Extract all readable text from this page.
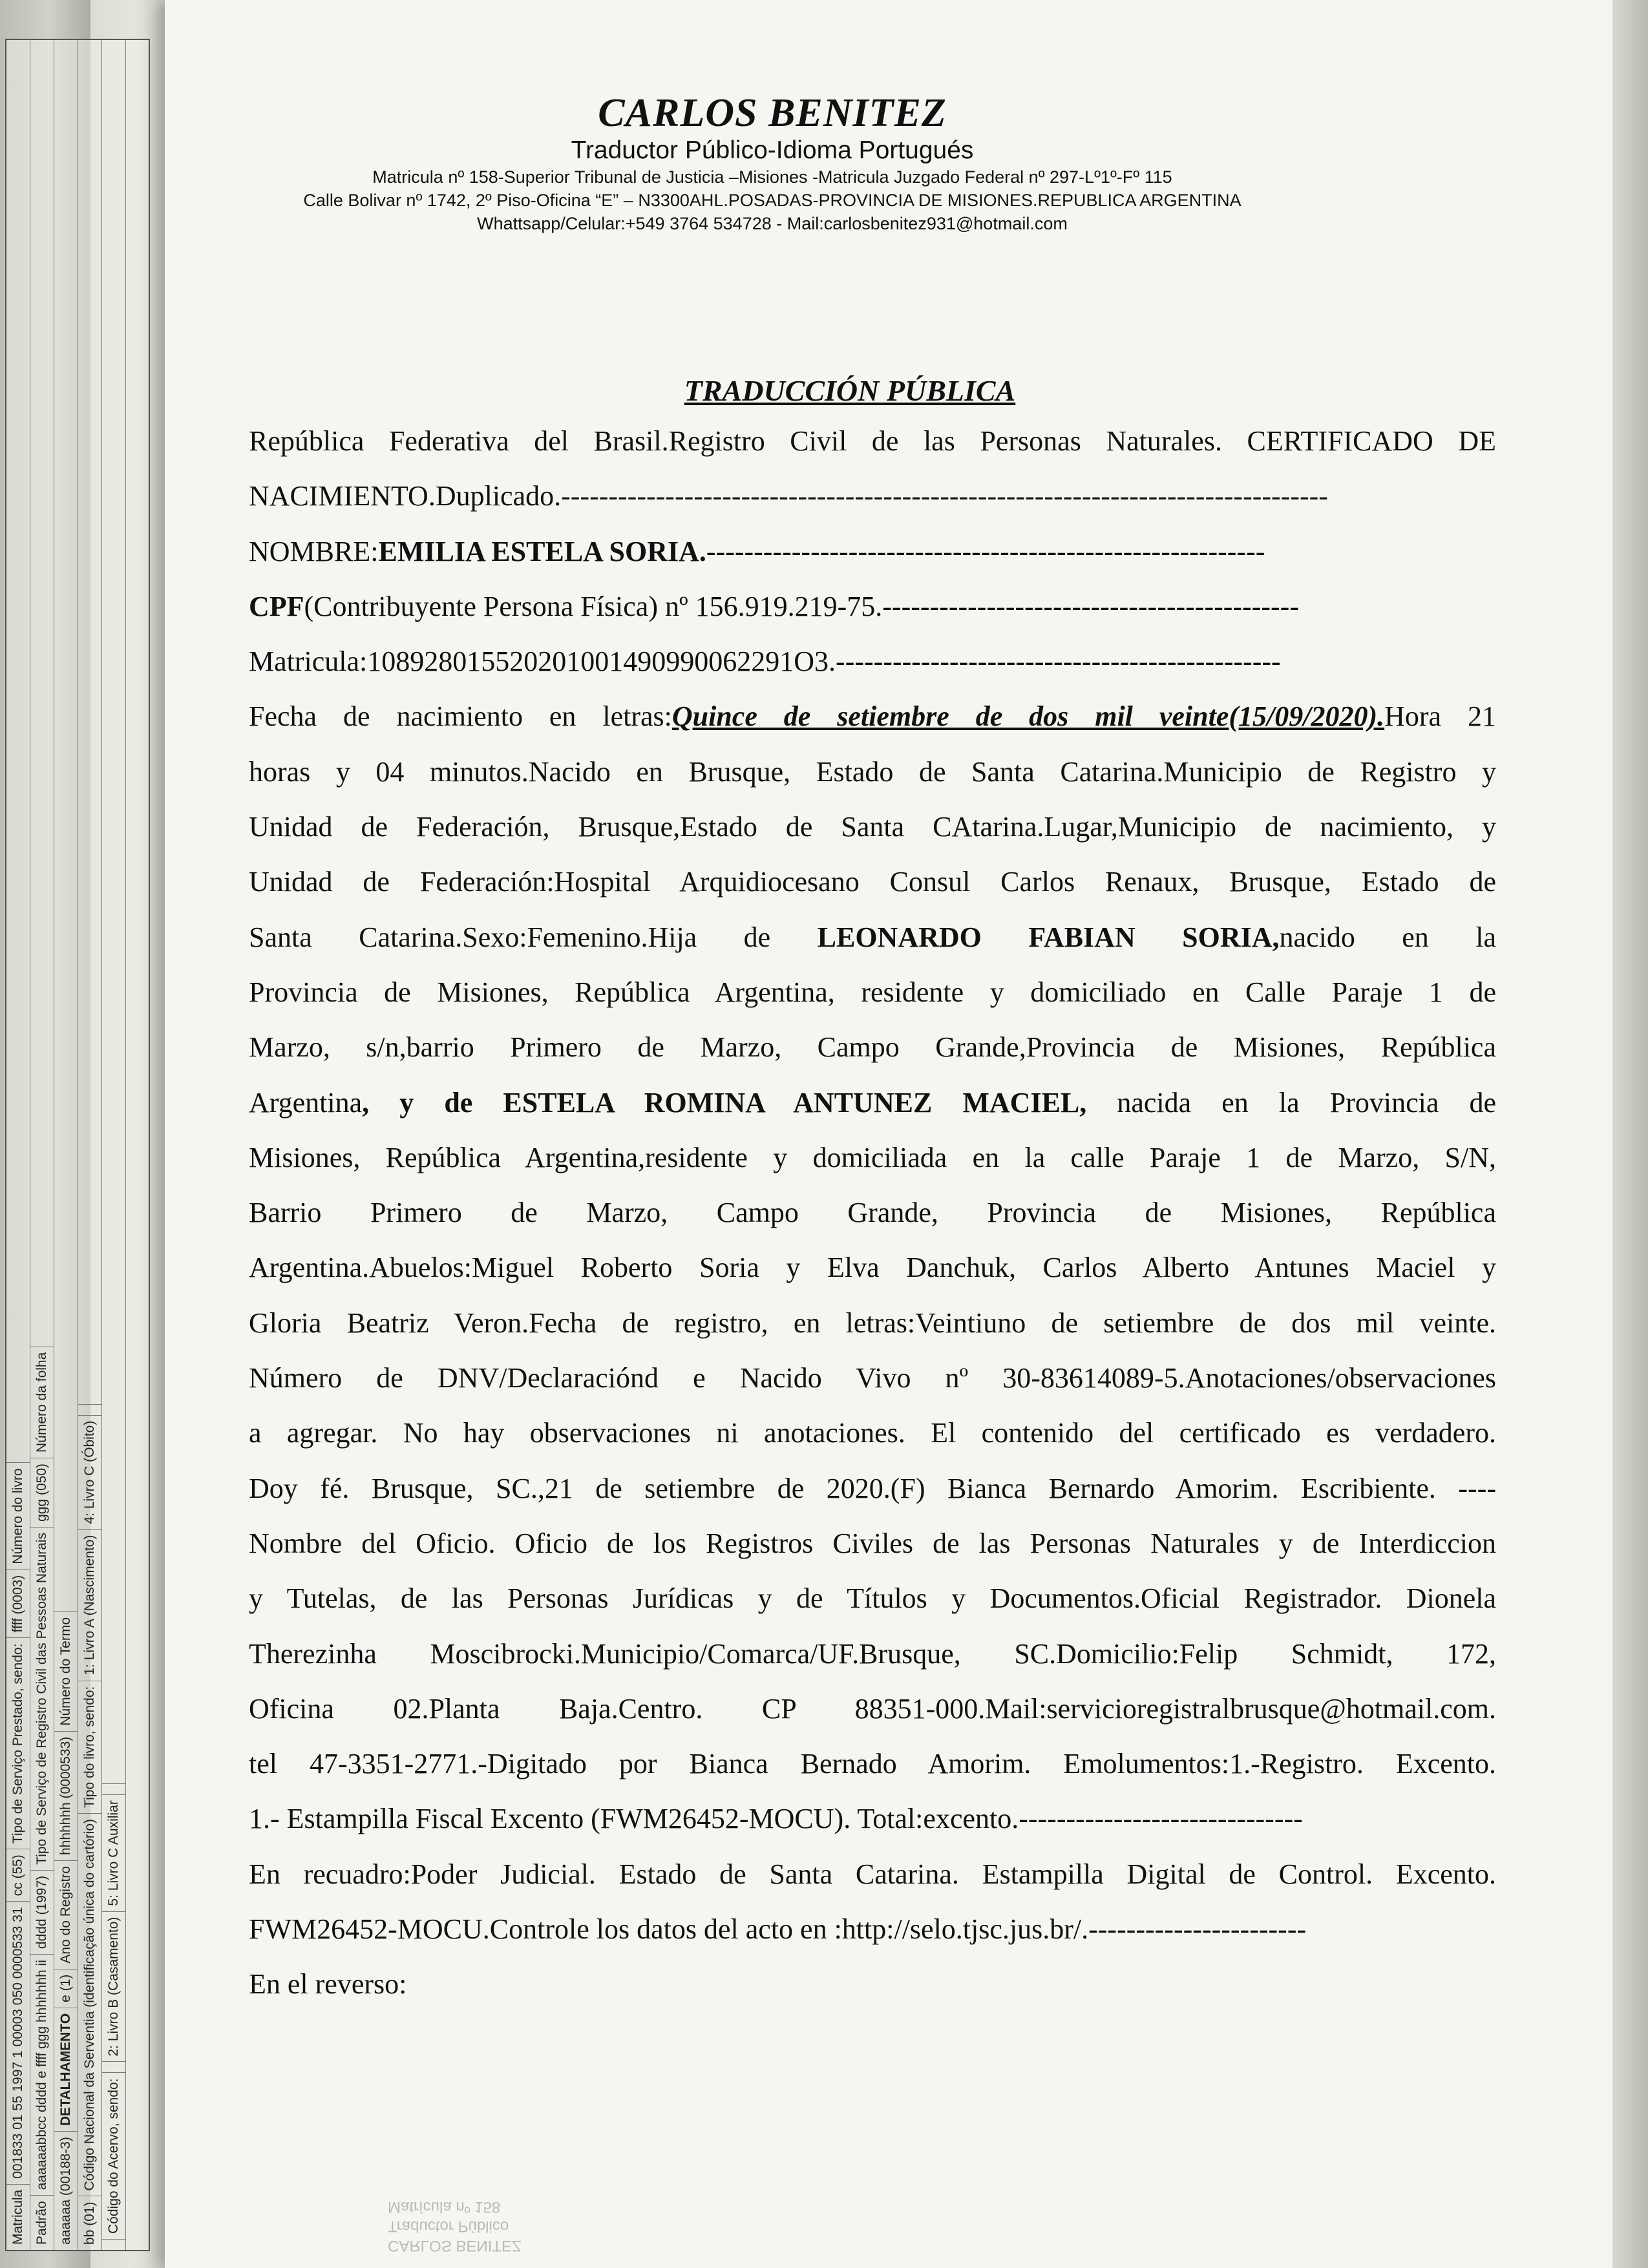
Matricula
001833 01 55 1997 1 00003 050 0000533 31
cc (55)
Tipo de Serviço Prestado, sendo:
ffff (0003)
Número do livro
Padrão
aaaaaabbcc dddd e ffff ggg hhhhhhh ii
dddd (1997)
Tipo de Serviço de Registro Civil das Pessoas Naturais
ggg (050)
Número da folha
aaaaaa (00188-3)
DETALHAMENTO
e (1)
Ano do Registro
hhhhhhh (0000533)
Número do Termo
bb (01)
Código Nacional da Serventia (identificação única do cartório)
Tipo do livro, sendo:
1: Livro A (Nascimento)
4: Livro C (Óbito)
Código do Acervo, sendo:
2: Livro B (Casamento)
5: Livro C Auxiliar

CARLOS BENITEZ

Traductor Público-Idioma Portugués

Matricula nº 158-Superior Tribunal de Justicia –Misiones -Matricula Juzgado Federal nº 297-Lº1º-Fº 115

Calle Bolivar nº 1742, 2º Piso-Oficina “E” – N3300AHL.POSADAS-PROVINCIA DE MISIONES.REPUBLICA ARGENTINA

Whattsapp/Celular:+549 3764 534728 - Mail:carlosbenitez931@hotmail.com

TRADUCCIÓN PÚBLICA
República Federativa del Brasil.Registro Civil de las Personas Naturales. CERTIFICADO DE
NACIMIENTO.Duplicado.---------------------------------------------------------------------------------
NOMBRE:EMILIA ESTELA SORIA.-----------------------------------------------------------
CPF(Contribuyente Persona Física) nº 156.919.219-75.--------------------------------------------
Matricula:108928015520201001490990062291O3.-----------------------------------------------
Fecha de nacimiento en letras:Quince de setiembre de dos mil veinte(15/09/2020).Hora 21
horas y 04 minutos.Nacido en Brusque, Estado de Santa Catarina.Municipio de Registro y
Unidad de Federación, Brusque,Estado de Santa CAtarina.Lugar,Municipio de nacimiento, y
Unidad de Federación:Hospital Arquidiocesano Consul Carlos Renaux, Brusque, Estado de
Santa Catarina.Sexo:Femenino.Hija de LEONARDO FABIAN SORIA,nacido en la
Provincia de Misiones, República Argentina, residente y domiciliado en Calle Paraje 1 de
Marzo, s/n,barrio Primero de Marzo, Campo Grande,Provincia de Misiones, República
Argentina, y de ESTELA ROMINA ANTUNEZ MACIEL, nacida en la Provincia de
Misiones, República Argentina,residente y domiciliada en la calle Paraje 1 de Marzo, S/N,
Barrio Primero de Marzo, Campo Grande, Provincia de Misiones, República
Argentina.Abuelos:Miguel Roberto Soria y Elva Danchuk, Carlos Alberto Antunes Maciel y
Gloria Beatriz Veron.Fecha de registro, en letras:Veintiuno de setiembre de dos mil veinte.
Número de DNV/Declaraciónd e Nacido Vivo nº 30-83614089-5.Anotaciones/observaciones
a agregar. No hay observaciones ni anotaciones. El contenido del certificado es verdadero.
Doy fé. Brusque, SC.,21 de setiembre de 2020.(F) Bianca Bernardo Amorim. Escribiente. ----
Nombre del Oficio. Oficio de los Registros Civiles de las Personas Naturales y de Interdiccion
y Tutelas, de las Personas Jurídicas y de Títulos y Documentos.Oficial Registrador. Dionela
Therezinha Moscibrocki.Municipio/Comarca/UF.Brusque, SC.Domicilio:Felip Schmidt, 172,
Oficina 02.Planta Baja.Centro. CP 88351-000.Mail:servicioregistralbrusque@hotmail.com.
tel 47-3351-2771.-Digitado por Bianca Bernado Amorim. Emolumentos:1.-Registro. Excento.
1.- Estampilla Fiscal Excento (FWM26452-MOCU). Total:excento.------------------------------
En recuadro:Poder Judicial. Estado de Santa Catarina. Estampilla Digital de Control. Excento.
FWM26452-MOCU.Controle los datos del acto en :http://selo.tjsc.jus.br/.-----------------------
En el reverso:
CARLOS BENITEZ
Traductor Público
Matrícula nº 158
